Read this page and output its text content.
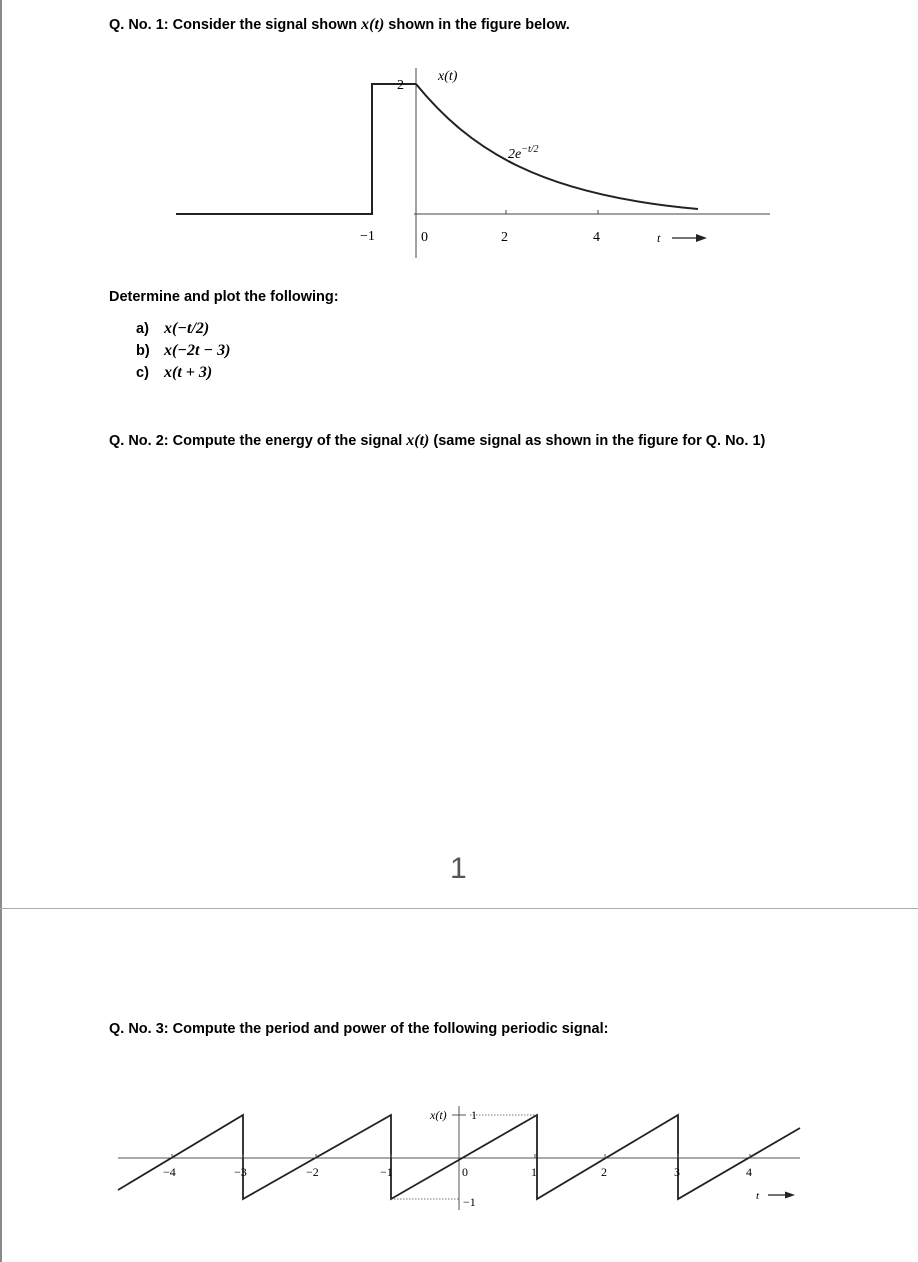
Q. No. 1: Consider the signal shown x(t) shown in the figure below.
2
x(t)
$2e^{-t/2}$
−1	0	2	4	t
Determine and plot the following:
a) x(−t/2)
b) x(−2t − 3)
c) x(t + 3)
Q. No. 2: Compute the energy of the signal x(t) (same signal as shown in the figure for Q. No. 1)
1
Q. No. 3: Compute the period and power of the following periodic signal:
x(t) 1
−1
−4	−3	−2	−1	0	1	2	3	4
t
